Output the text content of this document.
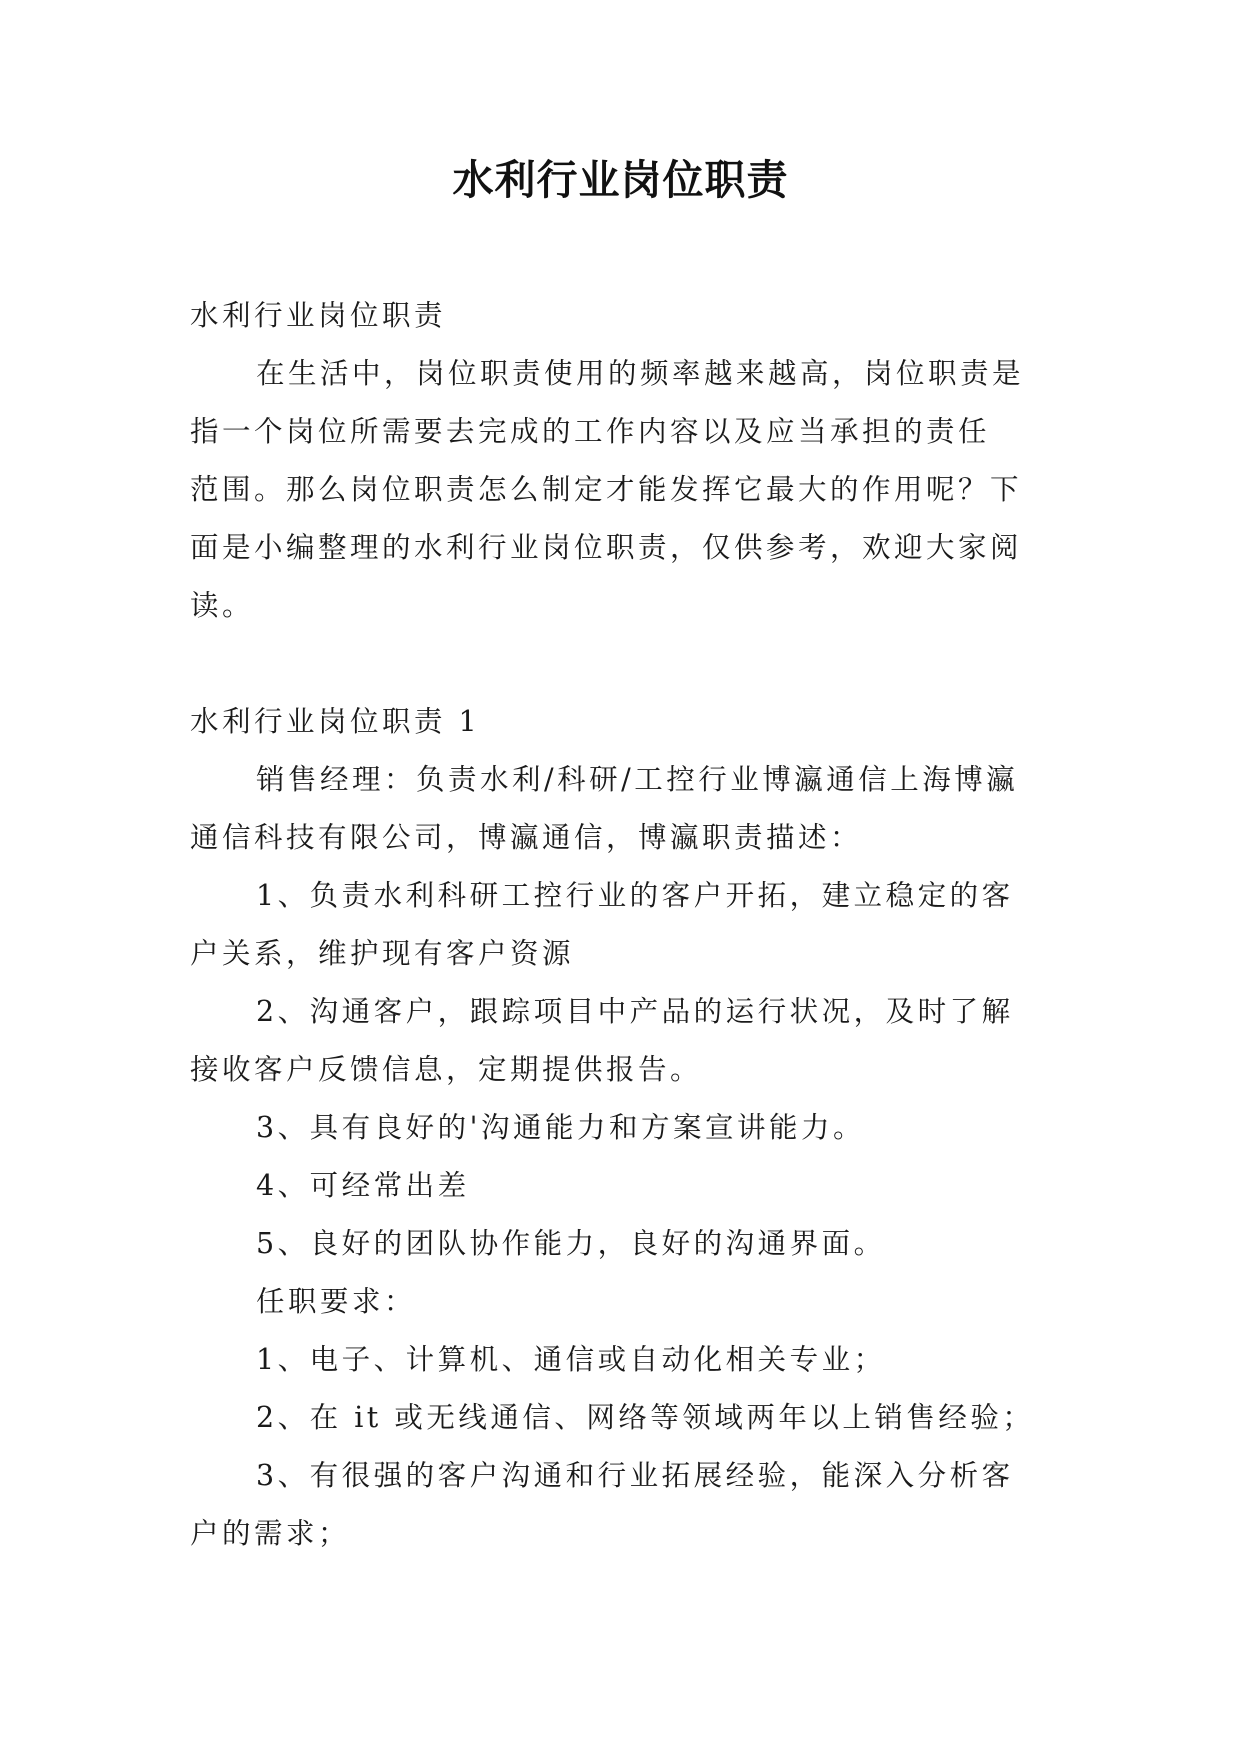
水利行业岗位职责
水利行业岗位职责
在生活中，岗位职责使用的频率越来越高，岗位职责是
指一个岗位所需要去完成的工作内容以及应当承担的责任
范围。那么岗位职责怎么制定才能发挥它最大的作用呢？下
面是小编整理的水利行业岗位职责，仅供参考，欢迎大家阅
读。
水利行业岗位职责 1
销售经理：负责水利/科研/工控行业博瀛通信上海博瀛
通信科技有限公司，博瀛通信，博瀛职责描述：
1、负责水利科研工控行业的客户开拓，建立稳定的客
户关系，维护现有客户资源
2、沟通客户，跟踪项目中产品的运行状况，及时了解
接收客户反馈信息，定期提供报告。
3、具有良好的'沟通能力和方案宣讲能力。
4、可经常出差
5、良好的团队协作能力，良好的沟通界面。
任职要求：
1、电子、计算机、通信或自动化相关专业；
2、在 it 或无线通信、网络等领域两年以上销售经验；
3、有很强的客户沟通和行业拓展经验，能深入分析客
户的需求；
